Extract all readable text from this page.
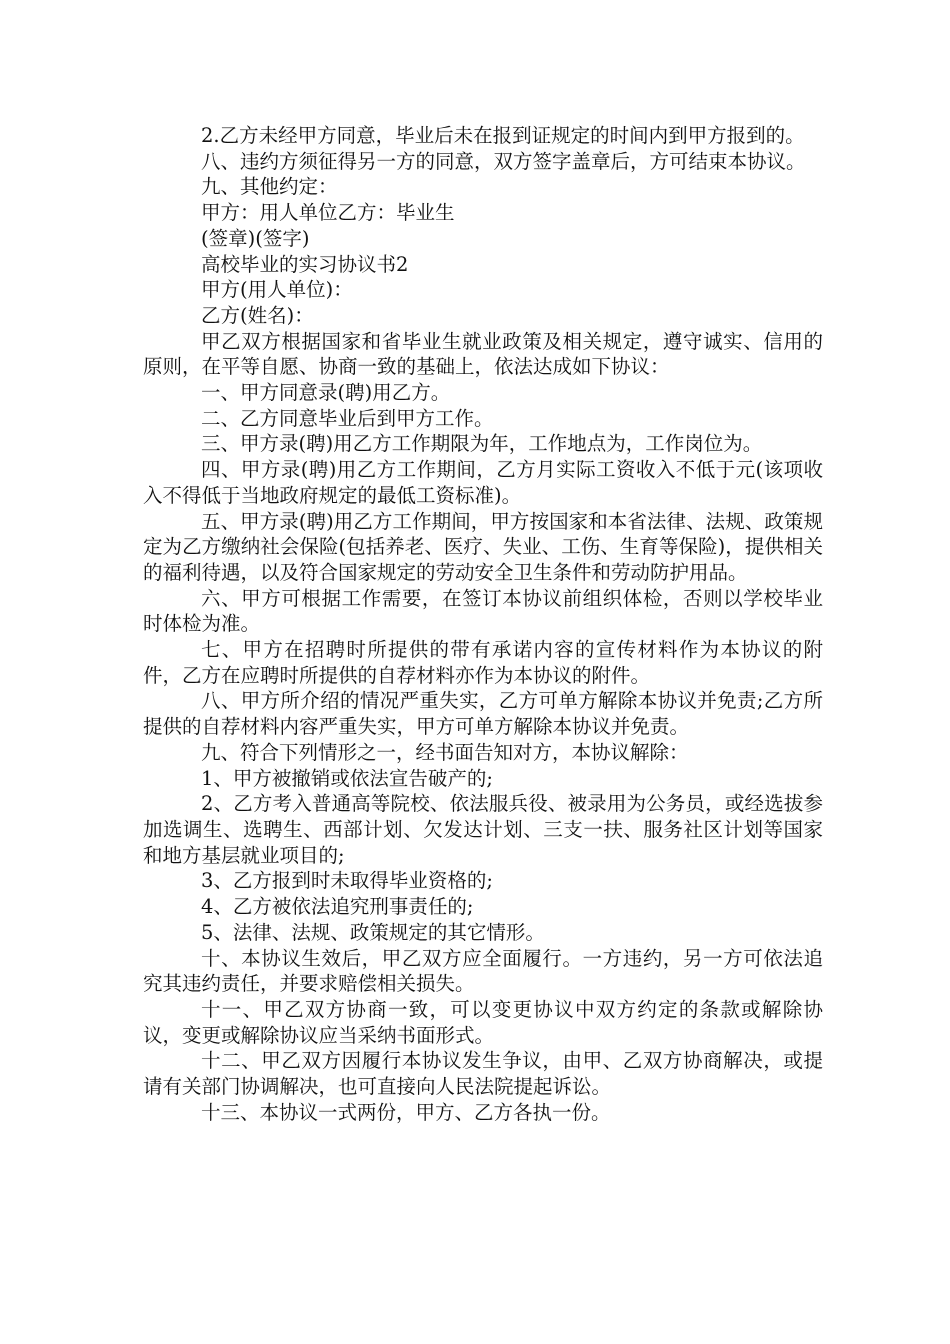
2.乙方未经甲方同意，毕业后未在报到证规定的时间内到甲方报到的。

八、违约方须征得另一方的同意，双方签字盖章后，方可结束本协议。

九、其他约定：

甲方：用人单位乙方：毕业生

(签章)(签字)

高校毕业的实习协议书2

甲方(用人单位)：

乙方(姓名)：

甲乙双方根据国家和省毕业生就业政策及相关规定，遵守诚实、信用的原则，在平等自愿、协商一致的基础上，依法达成如下协议：

一、甲方同意录(聘)用乙方。

二、乙方同意毕业后到甲方工作。

三、甲方录(聘)用乙方工作期限为年，工作地点为，工作岗位为。

四、甲方录(聘)用乙方工作期间，乙方月实际工资收入不低于元(该项收入不得低于当地政府规定的最低工资标准)。

五、甲方录(聘)用乙方工作期间，甲方按国家和本省法律、法规、政策规定为乙方缴纳社会保险(包括养老、医疗、失业、工伤、生育等保险)，提供相关的福利待遇，以及符合国家规定的劳动安全卫生条件和劳动防护用品。

六、甲方可根据工作需要，在签订本协议前组织体检，否则以学校毕业时体检为准。

七、甲方在招聘时所提供的带有承诺内容的宣传材料作为本协议的附件，乙方在应聘时所提供的自荐材料亦作为本协议的附件。

八、甲方所介绍的情况严重失实，乙方可单方解除本协议并免责;乙方所提供的自荐材料内容严重失实，甲方可单方解除本协议并免责。

九、符合下列情形之一，经书面告知对方，本协议解除：

1、甲方被撤销或依法宣告破产的;

2、乙方考入普通高等院校、依法服兵役、被录用为公务员，或经选拔参加选调生、选聘生、西部计划、欠发达计划、三支一扶、服务社区计划等国家和地方基层就业项目的;

3、乙方报到时未取得毕业资格的;

4、乙方被依法追究刑事责任的;

5、法律、法规、政策规定的其它情形。

十、本协议生效后，甲乙双方应全面履行。一方违约，另一方可依法追究其违约责任，并要求赔偿相关损失。

十一、甲乙双方协商一致，可以变更协议中双方约定的条款或解除协议，变更或解除协议应当采纳书面形式。

十二、甲乙双方因履行本协议发生争议，由甲、乙双方协商解决，或提请有关部门协调解决，也可直接向人民法院提起诉讼。

十三、本协议一式两份，甲方、乙方各执一份。
